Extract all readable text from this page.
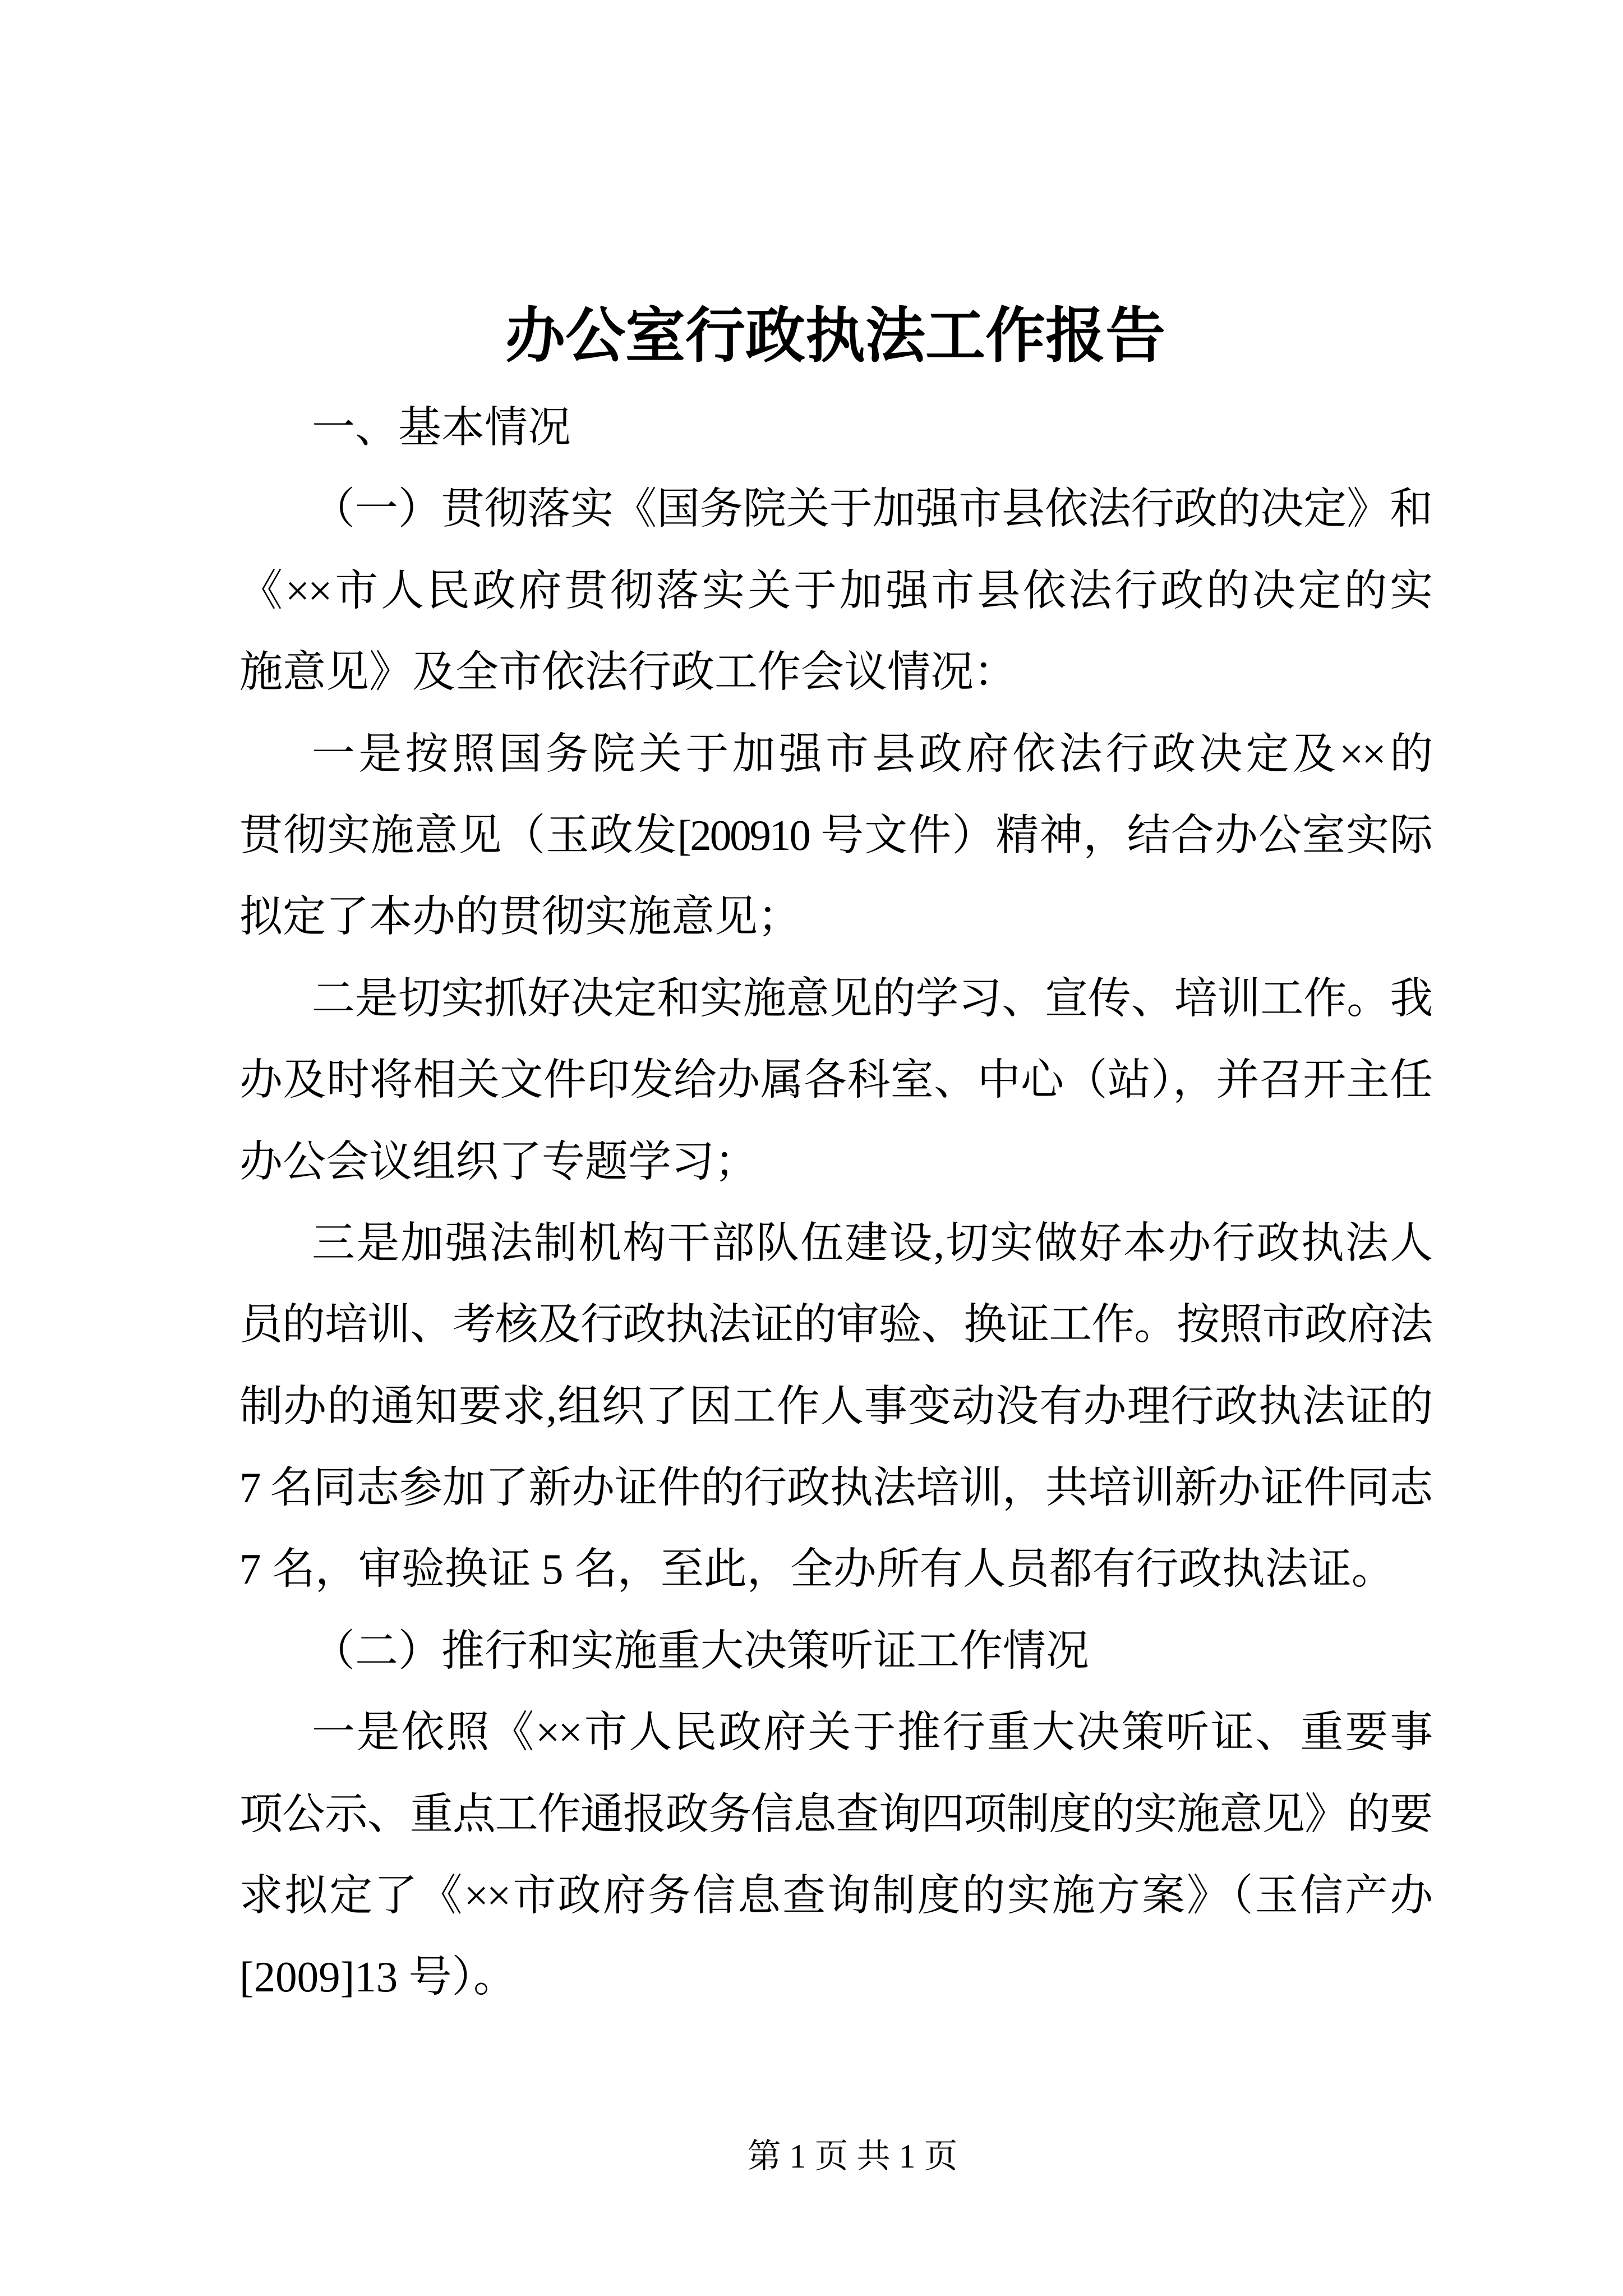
办公室行政执法工作报告
一、基本情况
（一）贯彻落实《国务院关于加强市县依法行政的决定》和
《××市人民政府贯彻落实关于加强市县依法行政的决定的实
施意见》及全市依法行政工作会议情况：
一是按照国务院关于加强市县政府依法行政决定及××的
贯彻实施意见（玉政发[200910 号文件）精神，结合办公室实际
拟定了本办的贯彻实施意见；
二是切实抓好决定和实施意见的学习、宣传、培训工作。我
办及时将相关文件印发给办属各科室、中心（站），并召开主任
办公会议组织了专题学习；
三是加强法制机构干部队伍建设,切实做好本办行政执法人
员的培训、考核及行政执法证的审验、换证工作。按照市政府法
制办的通知要求,组织了因工作人事变动没有办理行政执法证的
7 名同志参加了新办证件的行政执法培训，共培训新办证件同志
7 名，审验换证 5 名，至此，全办所有人员都有行政执法证。
（二）推行和实施重大决策听证工作情况
一是依照《××市人民政府关于推行重大决策听证、重要事
项公示、重点工作通报政务信息查询四项制度的实施意见》的要
求拟定了《××市政府务信息查询制度的实施方案》（玉信产办
[2009]13 号）。
第 1 页 共 1 页
